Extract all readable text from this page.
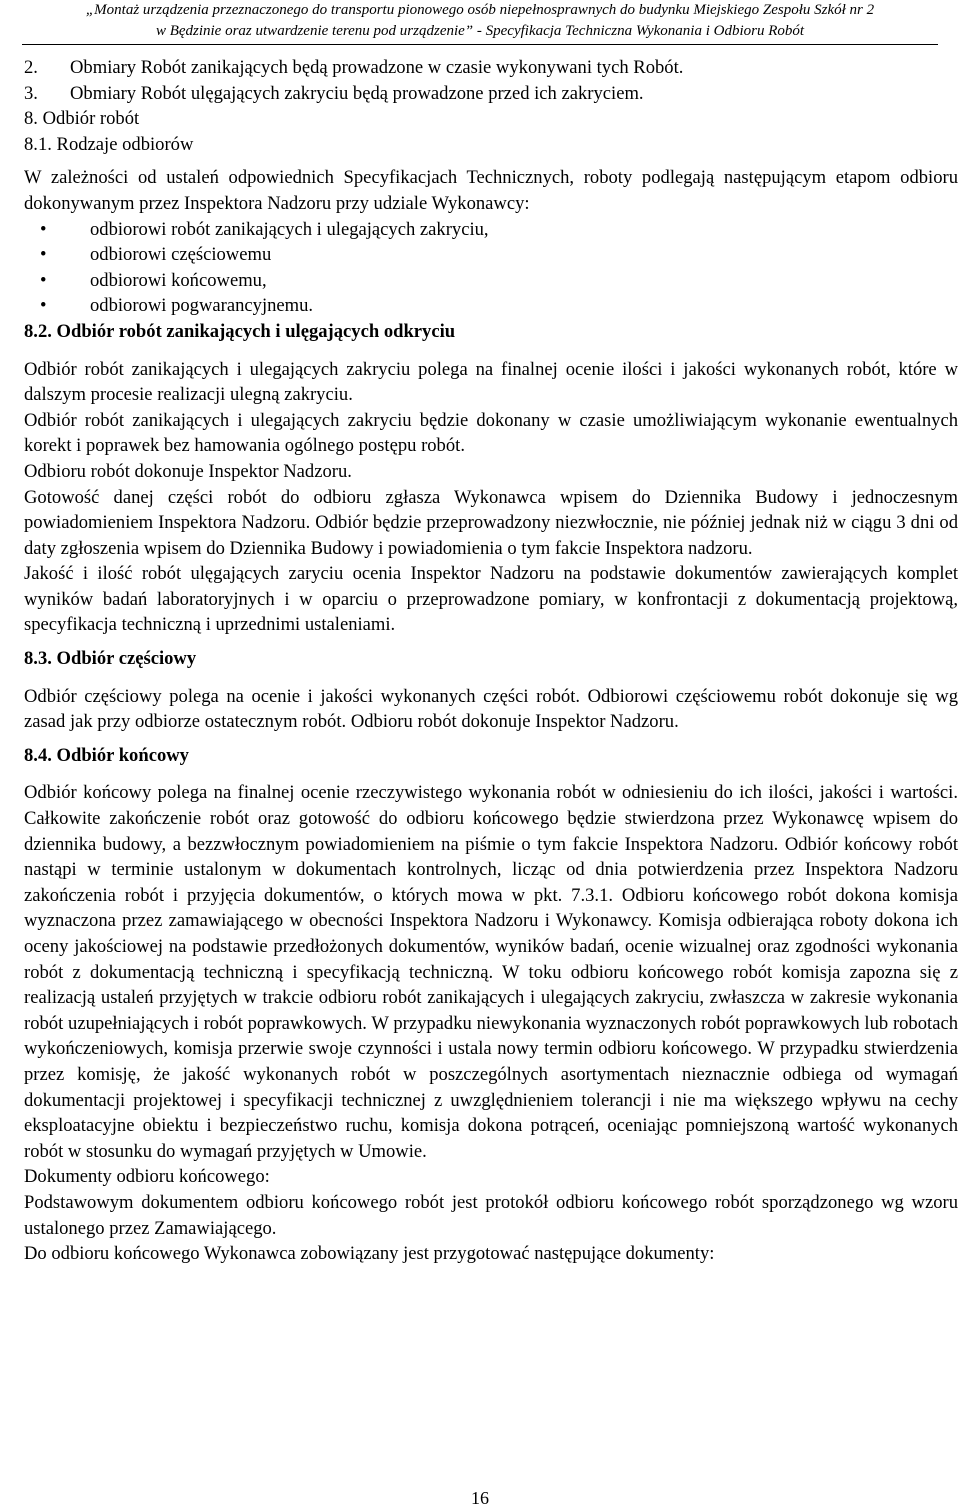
„Montaż urządzenia przeznaczonego do transportu pionowego osób niepełnosprawnych do budynku Miejskiego Zespołu Szkół nr 2
w Będzinie oraz utwardzenie terenu pod urządzenie” - Specyfikacja Techniczna Wykonania i Odbioru Robót
2.	Obmiary Robót zanikających będą prowadzone w czasie wykonywani tych Robót.
3.	Obmiary Robót ulęgających zakryciu będą prowadzone przed ich zakryciem.

8. Odbiór robót

8.1. Rodzaje odbiorów

W zależności od ustaleń odpowiednich Specyfikacjach Technicznych, roboty podlegają następującym etapom odbioru dokonywanym przez Inspektora Nadzoru przy udziale Wykonawcy:

• odbiorowi robót zanikających i ulegających zakryciu,
• odbiorowi częściowemu
• odbiorowi końcowemu,
• odbiorowi pogwarancyjnemu.

8.2. Odbiór robót zanikających i ulęgających odkryciu

Odbiór robót zanikających i ulegających zakryciu polega na finalnej ocenie ilości i jakości wykonanych robót, które w dalszym procesie realizacji ulegną zakryciu.

Odbiór robót zanikających i ulegających zakryciu będzie dokonany w czasie umożliwiającym wykonanie ewentualnych korekt i poprawek bez hamowania ogólnego postępu robót.

Odbioru robót dokonuje Inspektor Nadzoru.

Gotowość danej części robót do odbioru zgłasza Wykonawca wpisem do Dziennika Budowy i jednoczesnym powiadomieniem Inspektora Nadzoru. Odbiór będzie przeprowadzony niezwłocznie, nie później jednak niż w ciągu 3 dni od daty zgłoszenia wpisem do Dziennika Budowy i powiadomienia o tym fakcie Inspektora nadzoru.

Jakość i ilość robót ulęgających zaryciu ocenia Inspektor Nadzoru na podstawie dokumentów zawierających komplet wyników badań laboratoryjnych i w oparciu o przeprowadzone pomiary, w konfrontacji z dokumentacją projektową, specyfikacja techniczną i uprzednimi ustaleniami.

8.3. Odbiór częściowy

Odbiór częściowy polega na ocenie i jakości wykonanych części robót. Odbiorowi częściowemu robót dokonuje się wg zasad jak przy odbiorze ostatecznym robót. Odbioru robót dokonuje Inspektor Nadzoru.

8.4. Odbiór końcowy

Odbiór końcowy polega na finalnej ocenie rzeczywistego wykonania robót w odniesieniu do ich ilości, jakości i wartości. Całkowite zakończenie robót oraz gotowość do odbioru końcowego będzie stwierdzona przez Wykonawcę wpisem do dziennika budowy, a bezzwłocznym powiadomieniem na piśmie o tym fakcie Inspektora Nadzoru. Odbiór końcowy robót nastąpi w terminie ustalonym w dokumentach kontrolnych, licząc od dnia potwierdzenia przez Inspektora Nadzoru zakończenia robót i przyjęcia dokumentów, o których mowa w pkt. 7.3.1. Odbioru końcowego robót dokona komisja wyznaczona przez zamawiającego w obecności Inspektora Nadzoru i Wykonawcy. Komisja odbierająca roboty dokona ich oceny jakościowej na podstawie przedłożonych dokumentów, wyników badań, ocenie wizualnej oraz zgodności wykonania robót z dokumentacją techniczną i specyfikacją techniczną. W toku odbioru końcowego robót komisja zapozna się z realizacją ustaleń przyjętych w trakcie odbioru robót zanikających i ulegających zakryciu, zwłaszcza w zakresie wykonania robót uzupełniających i robót poprawkowych. W przypadku niewykonania wyznaczonych robót poprawkowych lub robotach wykończeniowych, komisja przerwie swoje czynności i ustala nowy termin odbioru końcowego. W przypadku stwierdzenia przez komisję, że jakość wykonanych robót w poszczególnych asortymentach nieznacznie odbiega od wymagań dokumentacji projektowej i specyfikacji technicznej z uwzględnieniem tolerancji i nie ma większego wpływu na cechy eksploatacyjne obiektu i bezpieczeństwo ruchu, komisja dokona potrąceń, oceniając pomniejszoną wartość wykonanych robót w stosunku do wymagań przyjętych w Umowie.

Dokumenty odbioru końcowego:

Podstawowym dokumentem odbioru końcowego robót jest protokół odbioru końcowego robót sporządzonego wg wzoru ustalonego przez Zamawiającego.

Do odbioru końcowego Wykonawca zobowiązany jest przygotować następujące dokumenty:

16
